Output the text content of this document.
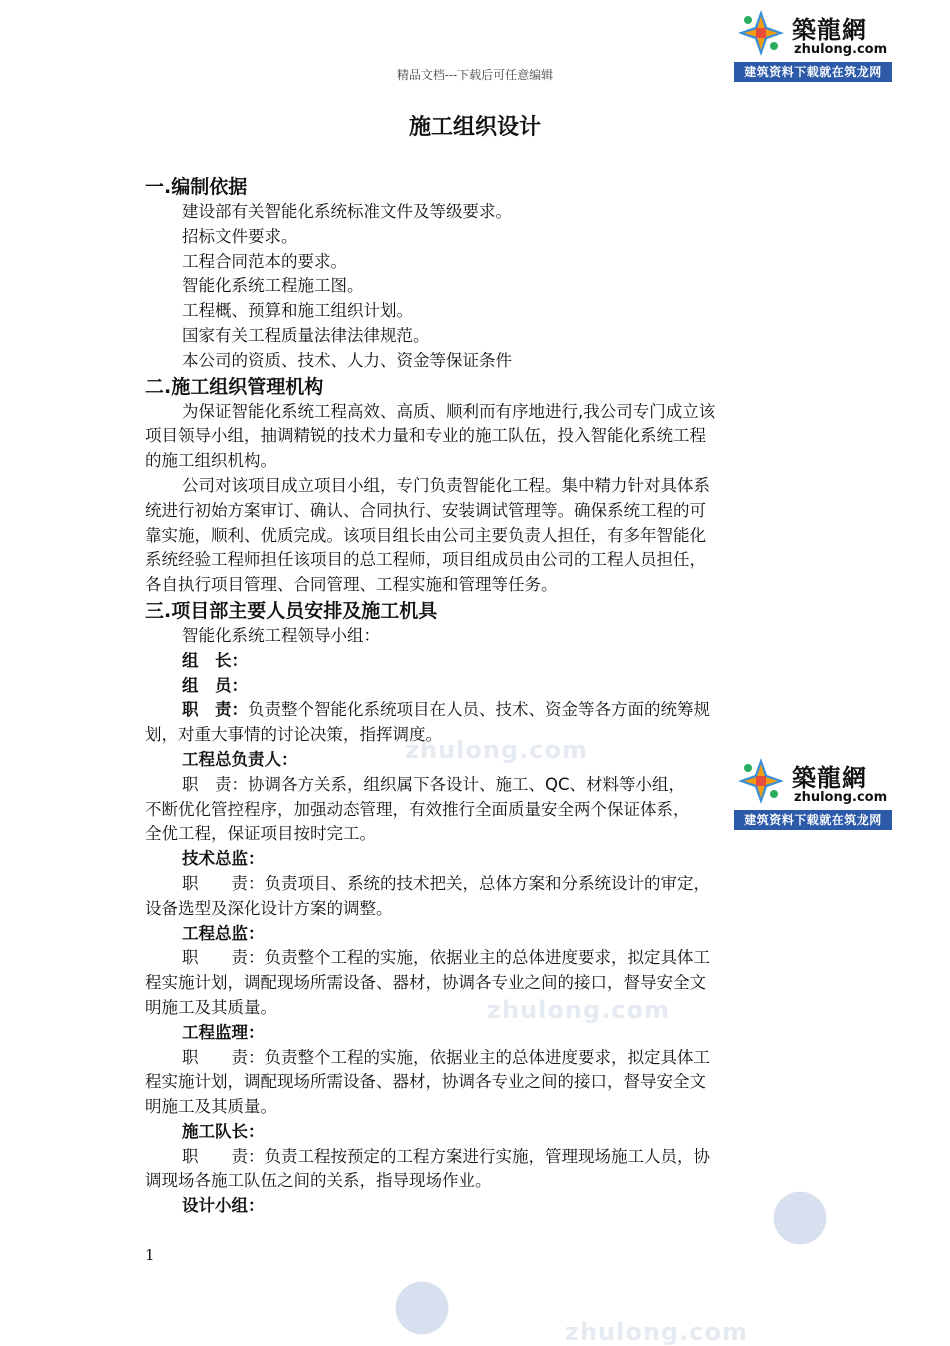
zhulong.com
zhulong.com
zhulong.com
築龍網
zhulong.com
建筑资料下载就在筑龙网
精品文档---下载后可任意编辑
施工组织设计
築龍網
zhulong.com
建筑资料下载就在筑龙网
一.编制依据
建设部有关智能化系统标准文件及等级要求。
招标文件要求。
工程合同范本的要求。
智能化系统工程施工图。
工程概、预算和施工组织计划。
国家有关工程质量法律法律规范。
本公司的资质、技术、人力、资金等保证条件
二.施工组织管理机构
为保证智能化系统工程高效、高质、顺利而有序地进行,我公司专门成立该
项目领导小组，抽调精锐的技术力量和专业的施工队伍，投入智能化系统工程
的施工组织机构。
公司对该项目成立项目小组，专门负责智能化工程。集中精力针对具体系
统进行初始方案审订、确认、合同执行、安装调试管理等。确保系统工程的可
靠实施，顺利、优质完成。该项目组长由公司主要负责人担任，有多年智能化
系统经验工程师担任该项目的总工程师，项目组成员由公司的工程人员担任，
各自执行项目管理、合同管理、工程实施和管理等任务。
三.项目部主要人员安排及施工机具
智能化系统工程领导小组：
组　长：
组　员：
职　责：负责整个智能化系统项目在人员、技术、资金等各方面的统筹规
划，对重大事情的讨论决策，指挥调度。
工程总负责人：
职　责：协调各方关系，组织属下各设计、施工、QC、材料等小组，
不断优化管控程序，加强动态管理，有效推行全面质量安全两个保证体系，
全优工程，保证项目按时完工。
技术总监：
职　　责：负责项目、系统的技术把关，总体方案和分系统设计的审定，
设备选型及深化设计方案的调整。
工程总监：
职　　责：负责整个工程的实施，依据业主的总体进度要求，拟定具体工
程实施计划，调配现场所需设备、器材，协调各专业之间的接口，督导安全文
明施工及其质量。
工程监理：
职　　责：负责整个工程的实施，依据业主的总体进度要求，拟定具体工
程实施计划，调配现场所需设备、器材，协调各专业之间的接口，督导安全文
明施工及其质量。
施工队长：
职　　责：负责工程按预定的工程方案进行实施，管理现场施工人员，协
调现场各施工队伍之间的关系，指导现场作业。
设计小组：
1
